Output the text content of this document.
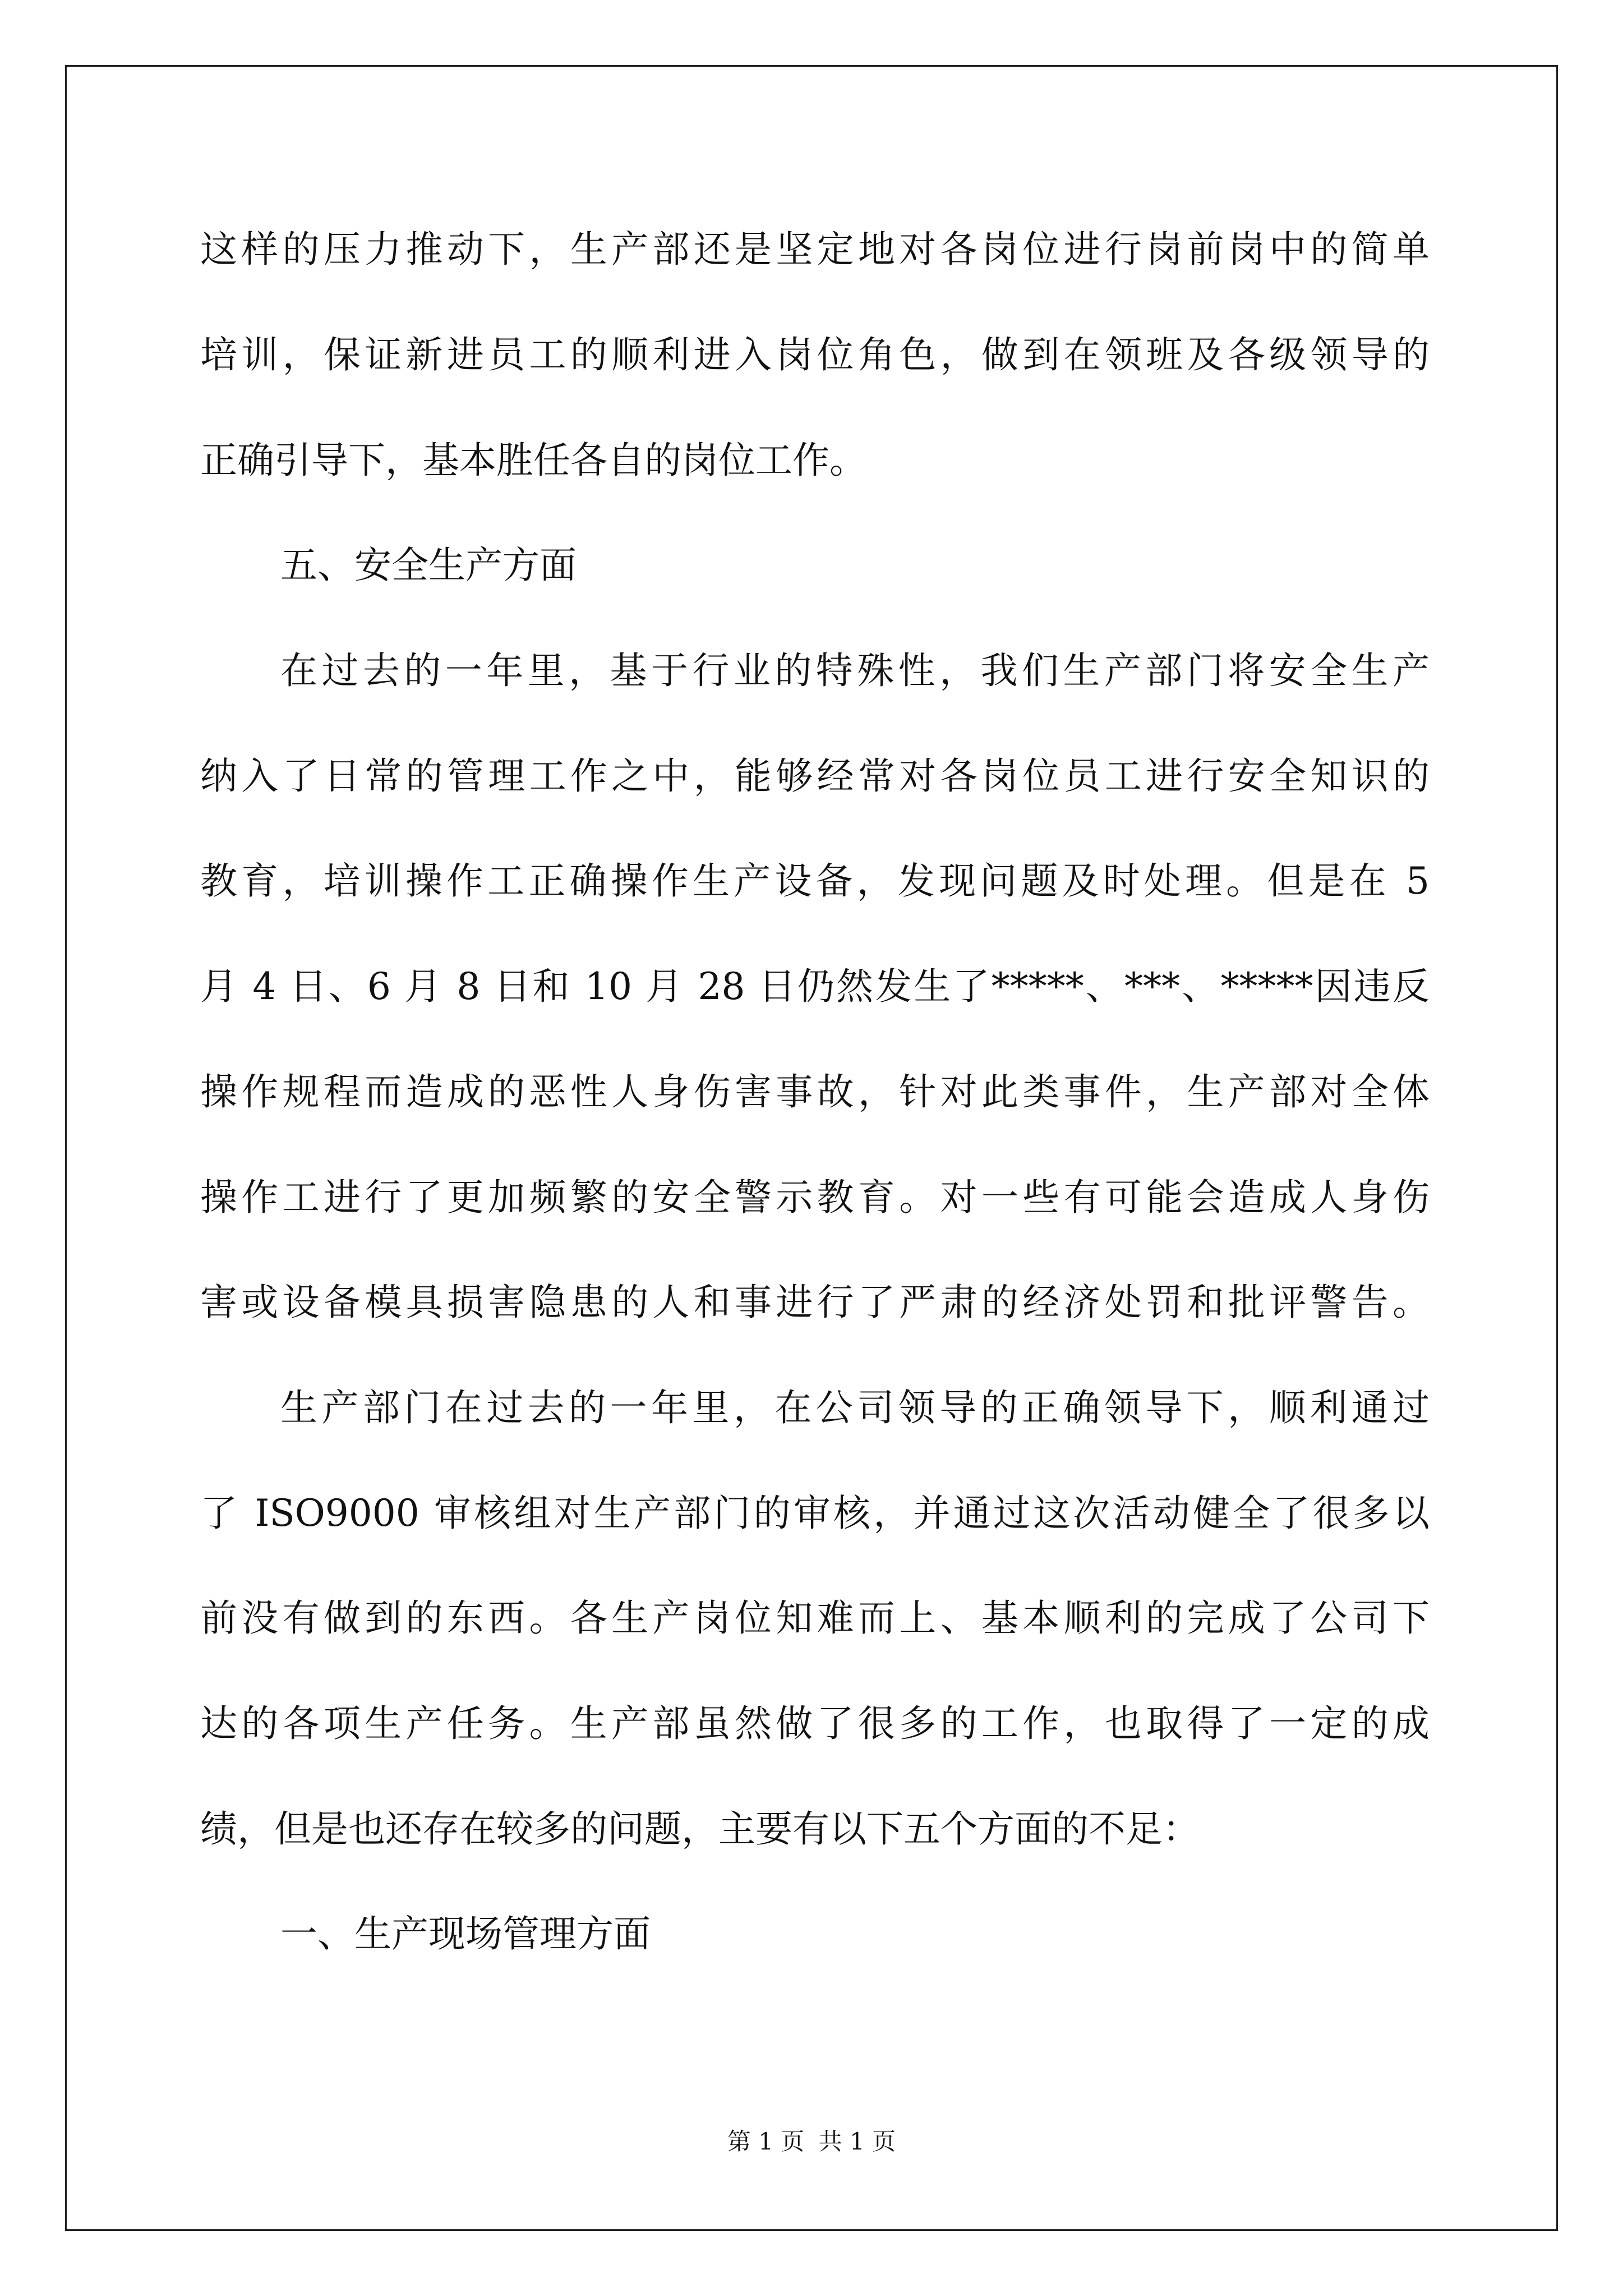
这样的压力推动下，生产部还是坚定地对各岗位进行岗前岗中的简单
培训，保证新进员工的顺利进入岗位角色，做到在领班及各级领导的
正确引导下，基本胜任各自的岗位工作。
五、安全生产方面
在过去的一年里，基于行业的特殊性，我们生产部门将安全生产
纳入了日常的管理工作之中，能够经常对各岗位员工进行安全知识的
教育，培训操作工正确操作生产设备，发现问题及时处理。但是在 5
月 4 日、6 月 8 日和 10 月 28 日仍然发生了*****、***、*****因违反
操作规程而造成的恶性人身伤害事故，针对此类事件，生产部对全体
操作工进行了更加频繁的安全警示教育。对一些有可能会造成人身伤
害或设备模具损害隐患的人和事进行了严肃的经济处罚和批评警告。
生产部门在过去的一年里，在公司领导的正确领导下，顺利通过
了 ISO9000 审核组对生产部门的审核，并通过这次活动健全了很多以
前没有做到的东西。各生产岗位知难而上、基本顺利的完成了公司下
达的各项生产任务。生产部虽然做了很多的工作，也取得了一定的成
绩，但是也还存在较多的问题，主要有以下五个方面的不足：
一、生产现场管理方面
第 1 页 共 1 页
